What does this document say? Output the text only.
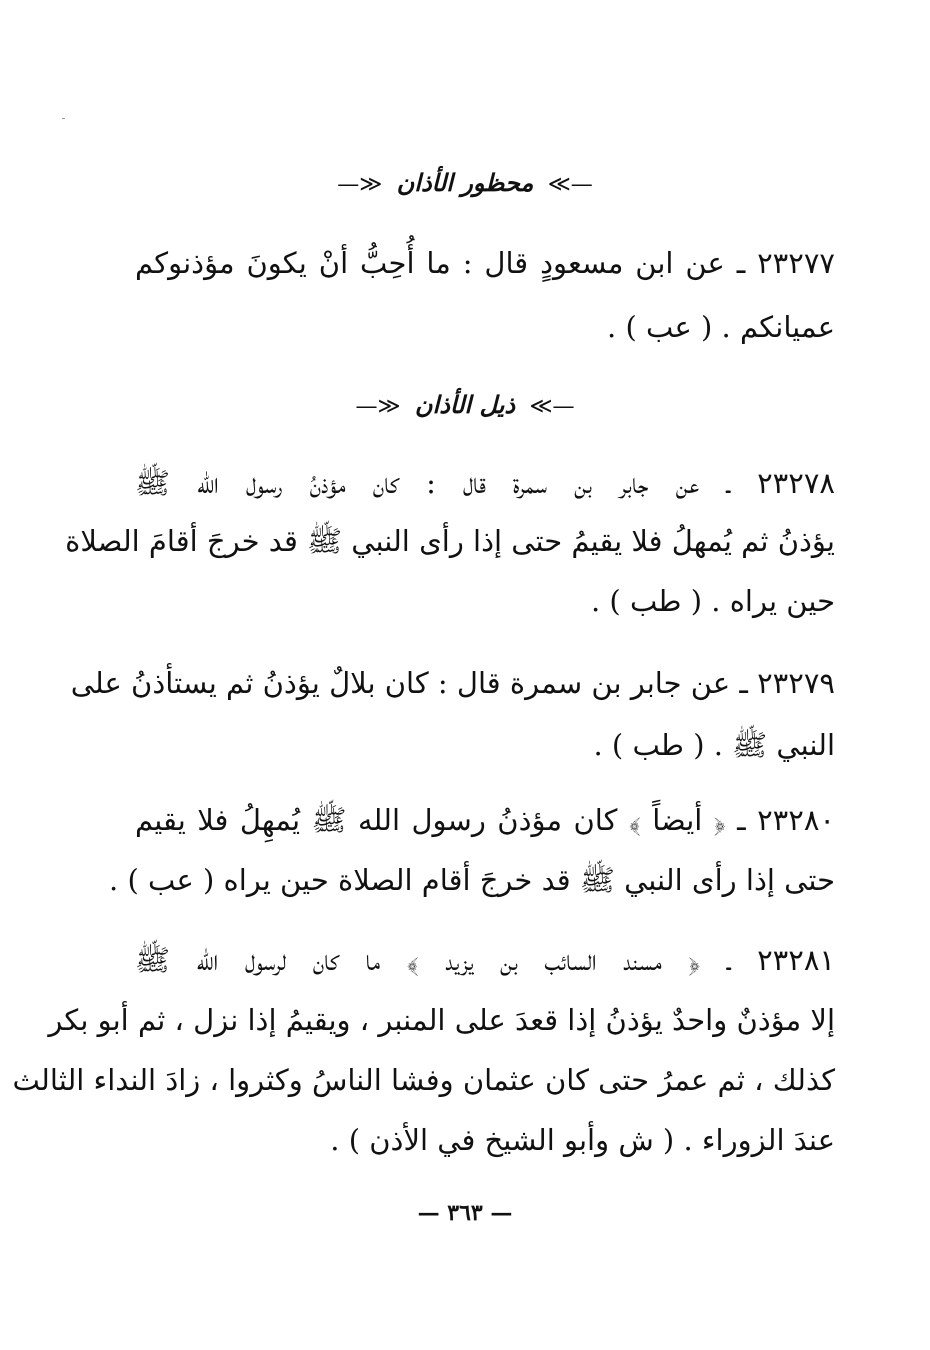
—≫ محظور الأذان ≪—
٢٣٢٧٧ ـ عن ابن مسعودٍ قال : ما أُحِبُّ أنْ يكونَ مؤذنوكم
عميانكم . ( عب ) .
—≫ ذيل الأذان ≪—
٢٣٢٧٨ ـ عن جابر بن سمرة قال : كان مؤذنُ رسول الله ﷺ
يؤذنُ ثم يُمهلُ فلا يقيمُ حتى إذا رأى النبي ﷺ قد خرجَ أقامَ الصلاة
حين يراه . ( طب ) .
٢٣٢٧٩ ـ عن جابر بن سمرة قال : كان بلالٌ يؤذنُ ثم يستأذنُ على
النبي ﷺ . ( طب ) .
٢٣٢٨٠ ـ ﴿ أيضاً ﴾ كان مؤذنُ رسول الله ﷺ يُمهِلُ فلا يقيم
حتى إذا رأى النبي ﷺ قد خرجَ أقام الصلاة حين يراه ( عب ) .
٢٣٢٨١ ـ ﴿ مسند السائب بن يزيد ﴾ ما كان لرسول الله ﷺ
إلا مؤذنٌ واحدٌ يؤذنُ إذا قعدَ على المنبر ، ويقيمُ إذا نزل ، ثم أبو بكر
كذلك ، ثم عمرُ حتى كان عثمان وفشا الناسُ وكثروا ، زادَ النداء الثالث
عندَ الزوراء . ( ش وأبو الشيخ في الأذن ) .
— ٣٦٣ —
